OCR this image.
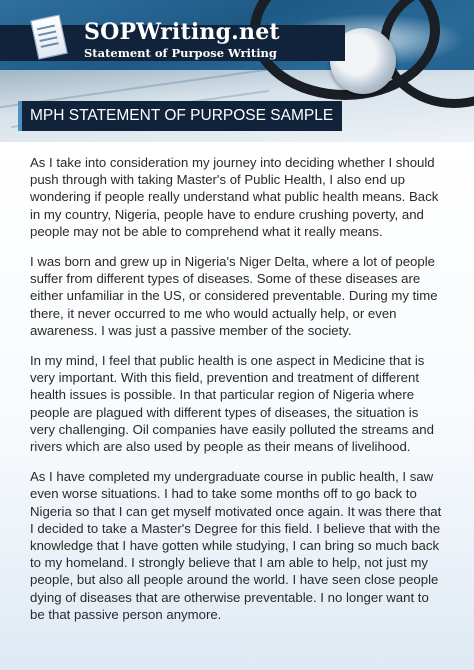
SOPWriting.net
Statement of Purpose Writing
MPH STATEMENT OF PURPOSE SAMPLE

As I take into consideration my journey into deciding whether I should push through with taking Master's of Public Health, I also end up wondering if people really understand what public health means. Back in my country, Nigeria, people have to endure crushing poverty, and people may not be able to comprehend what it really means.

I was born and grew up in Nigeria's Niger Delta, where a lot of people suffer from different types of diseases. Some of these diseases are either unfamiliar in the US, or considered preventable. During my time there, it never occurred to me who would actually help, or even awareness. I was just a passive member of the society.

In my mind, I feel that public health is one aspect in Medicine that is very important. With this field, prevention and treatment of different health issues is possible. In that particular region of Nigeria where people are plagued with different types of diseases, the situation is very challenging. Oil companies have easily polluted the streams and rivers which are also used by people as their means of livelihood.

As I have completed my undergraduate course in public health, I saw even worse situations. I had to take some months off to go back to Nigeria so that I can get myself motivated once again. It was there that I decided to take a Master's Degree for this field. I believe that with the knowledge that I have gotten while studying, I can bring so much back to my homeland. I strongly believe that I am able to help, not just my people, but also all people around the world. I have seen close people dying of diseases that are otherwise preventable. I no longer want to be that passive person anymore.
